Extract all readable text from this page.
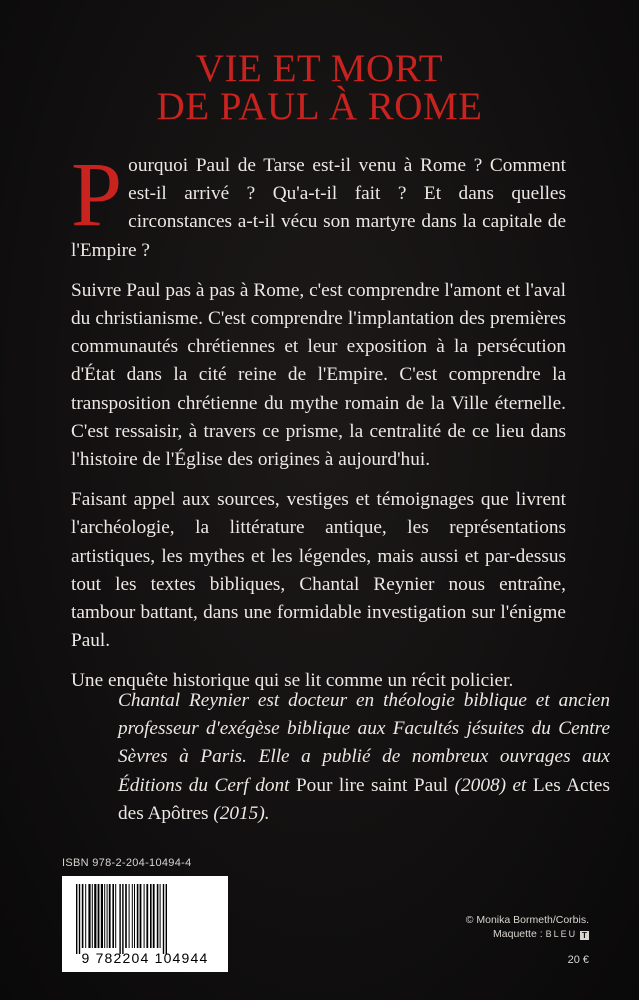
VIE ET MORT
DE PAUL À ROME

Pourquoi Paul de Tarse est-il venu à Rome ? Comment est-il arrivé ? Qu'a-t-il fait ? Et dans quelles circonstances a-t-il vécu son martyre dans la capitale de l'Empire ?

Suivre Paul pas à pas à Rome, c'est comprendre l'amont et l'aval du christianisme. C'est comprendre l'implantation des premières communautés chrétiennes et leur exposition à la persécution d'État dans la cité reine de l'Empire. C'est comprendre la transposition chrétienne du mythe romain de la Ville éternelle. C'est ressaisir, à travers ce prisme, la centralité de ce lieu dans l'histoire de l'Église des origines à aujourd'hui.

Faisant appel aux sources, vestiges et témoignages que livrent l'archéologie, la littérature antique, les représentations artistiques, les mythes et les légendes, mais aussi et par-dessus tout les textes bibliques, Chantal Reynier nous entraîne, tambour battant, dans une formidable investigation sur l'énigme Paul.

Une enquête historique qui se lit comme un récit policier.

Chantal Reynier est docteur en théologie biblique et ancien professeur d'exégèse biblique aux Facultés jésuites du Centre Sèvres à Paris. Elle a publié de nombreux ouvrages aux Éditions du Cerf dont Pour lire saint Paul (2008) et Les Actes des Apôtres (2015).
ISBN 978-2-204-10494-4
9 782204 104944
© Monika Bormeth/Corbis.
Maquette : BLEU T
20 €
